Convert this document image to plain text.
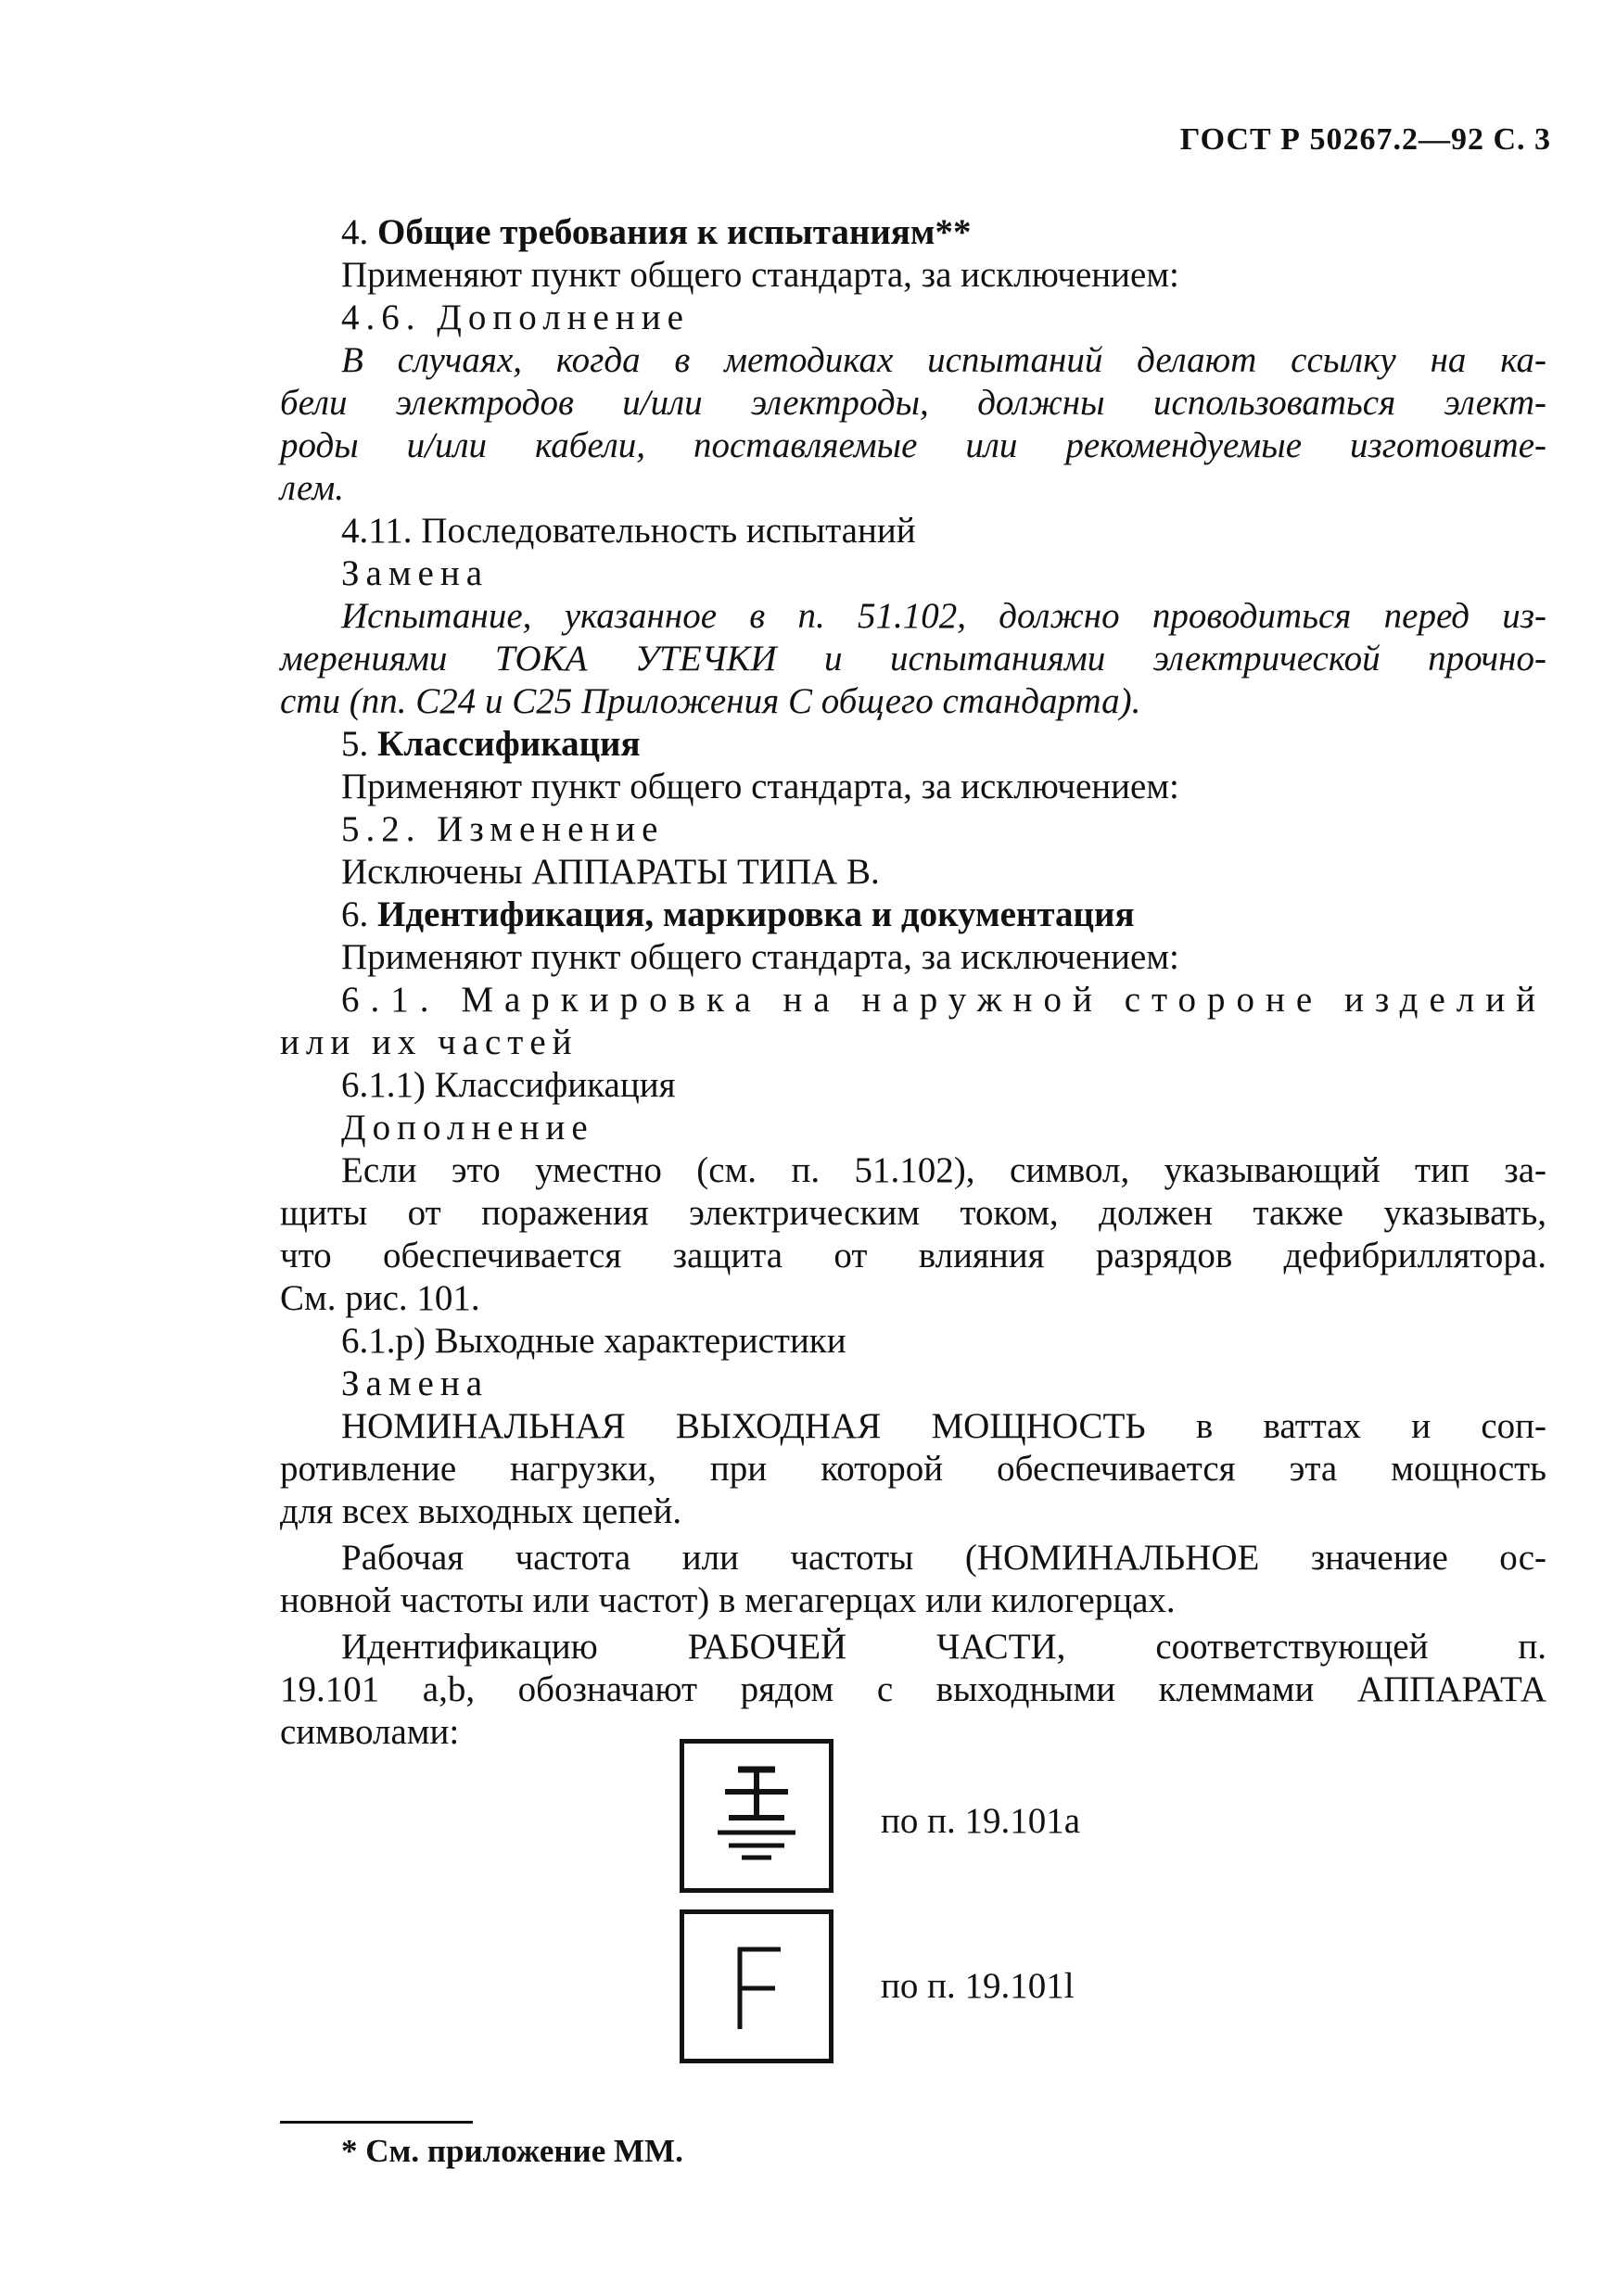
ГОСТ Р 50267.2—92 С. 3
4. Общие требования к испытаниям**
Применяют пункт общего стандарта, за исключением:
4.6. Дополнение
В случаях, когда в методиках испытаний делают ссылку на ка-
бели электродов и/или электроды, должны использоваться элект-
роды и/или кабели, поставляемые или рекомендуемые изготовите-
лем.
4.11. Последовательность испытаний
Замена
Испытание, указанное в п. 51.102, должно проводиться перед из-
мерениями ТОКА УТЕЧКИ и испытаниями электрической прочно-
сти (пп. С24 и С25 Приложения С общего стандарта).
5. Классификация
Применяют пункт общего стандарта, за исключением:
5.2. Изменение
Исключены АППАРАТЫ ТИПА В.
6. Идентификация, маркировка и документация
Применяют пункт общего стандарта, за исключением:
6.1. Маркировка на наружной стороне изделий
или их частей
6.1.1) Классификация
Дополнение
Если это уместно (см. п. 51.102), символ, указывающий тип за-
щиты от поражения электрическим током, должен также указывать,
что обеспечивается защита от влияния разрядов дефибриллятора.
См. рис. 101.
6.1.р) Выходные характеристики
Замена
НОМИНАЛЬНАЯ ВЫХОДНАЯ МОЩНОСТЬ в ваттах и соп-
ротивление нагрузки, при которой обеспечивается эта мощность
для всех выходных цепей.
Рабочая частота или частоты (НОМИНАЛЬНОЕ значение ос-
новной частоты или частот) в мегагерцах или килогерцах.
Идентификацию РАБОЧЕЙ ЧАСТИ, соответствующей п.
19.101 а,b, обозначают рядом с выходными клеммами АППАРАТА
символами:
по п. 19.101а
по п. 19.101l
* См. приложение ММ.
